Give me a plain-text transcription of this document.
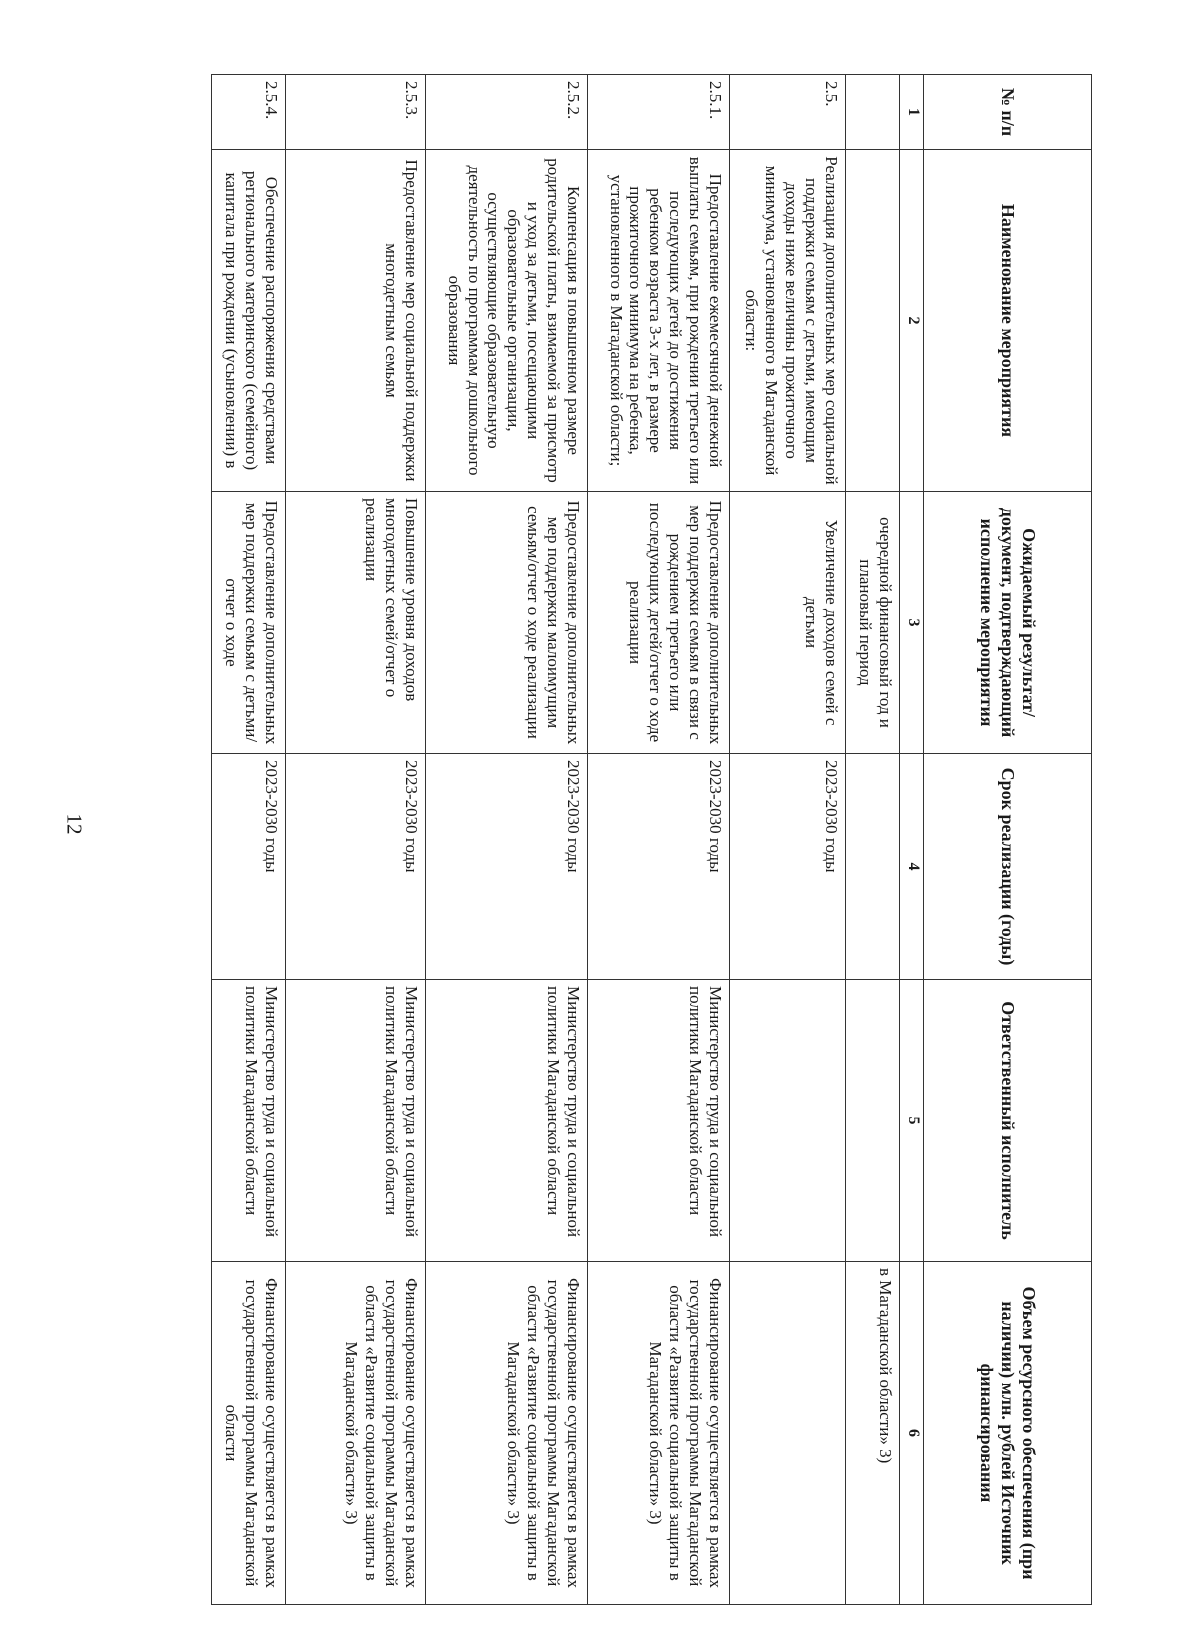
12
№ п/п	Наименование мероприятия	Ожидаемый результат/ документ, подтверждающий исполнение мероприятия	Срок реализации (годы)	Ответственный исполнитель	Объем ресурсного обеспечения (при наличии) млн. рублей Источник финансирования
1	2	3	4	5	6
		очередной финансовый год и плановый период			в Магаданской области» 3)
2.5.	Реализация дополнительных мер социальной поддержки семьям с детьми, имеющим доходы ниже величины прожиточного минимума, установленного в Магаданской области:	Увеличение доходов семей с детьми	2023-2030 годы		
2.5.1.	Предоставление ежемесячной денежной выплаты семьям, при рождении третьего или последующих детей до достижения ребенком возраста 3-х лет, в размере прожиточного минимума на ребенка, установленного в Магаданской области;	Предоставление дополнительных мер поддержки семьям в связи с рождением третьего или последующих детей/отчет о ходе реализации	2023-2030 годы	Министерство труда и социальной политики Магаданской области	Финансирование осуществляется в рамках государственной программы Магаданской области «Развитие социальной защиты в Магаданской области» 3)
2.5.2.	Компенсация в повышенном размере родительской платы, взимаемой за присмотр и уход за детьми, посещающими образовательные организации, осуществляющие образовательную деятельность по программам дошкольного образования	Предоставление дополнительных мер поддержки малоимущим семьям/отчет о ходе реализации	2023-2030 годы	Министерство труда и социальной политики Магаданской области	Финансирование осуществляется в рамках государственной программы Магаданской области «Развитие социальной защиты в Магаданской области» 3)
2.5.3.	Предоставление мер социальной поддержки многодетным семьям	Повышение уровня доходов многодетных семей/отчет о реализации	2023-2030 годы	Министерство труда и социальной политики Магаданской области	Финансирование осуществляется в рамках государственной программы Магаданской области «Развитие социальной защиты в Магаданской области» 3)
2.5.4.	Обеспечение распоряжения средствами регионального материнского (семейного) капитала при рождении (усыновлении) в	Предоставление дополнительных мер поддержки семьям с детьми/отчет о ходе	2023-2030 годы	Министерство труда и социальной политики Магаданской области	Финансирование осуществляется в рамках государственной программы Магаданской области
